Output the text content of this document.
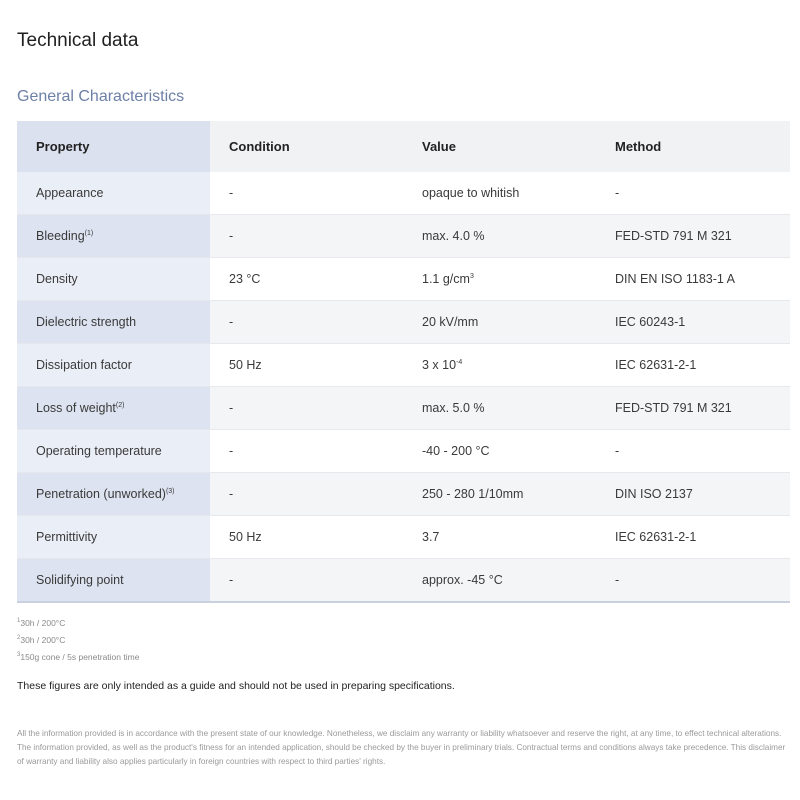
Technical data
General Characteristics
Property	Condition	Value	Method
Appearance	-	opaque to whitish	-
Bleeding$^{(1)}$	-	max. 4.0 %	FED-STD 791 M 321
Density	23 °C	1.1 $g/cm^3$	DIN EN ISO 1183-1 A
Dielectric strength	-	20 kV/mm	IEC 60243-1
Dissipation factor	50 Hz	3 x $10^{-4}$	IEC 62631-2-1
Loss of weight$^{(2)}$	-	max. 5.0 %	FED-STD 791 M 321
Operating temperature	-	-40 - 200 °C	-
Penetration (unworked)$^{(3)}$	-	250 - 280 1/10mm	DIN ISO 2137
Permittivity	50 Hz	3.7	IEC 62631-2-1
Solidifying point	-	approx. -45 °C	-
$^1$30h / 200°C
$^2$30h / 200°C
$^3$150g cone / 5s penetration time

These figures are only intended as a guide and should not be used in preparing specifications.

All the information provided is in accordance with the present state of our knowledge. Nonetheless, we disclaim any warranty or liability whatsoever and reserve the right, at any time, to effect technical alterations. The information provided, as well as the product's fitness for an intended application, should be checked by the buyer in preliminary trials. Contractual terms and conditions always take precedence. This disclaimer of warranty and liability also applies particularly in foreign countries with respect to third parties' rights.
